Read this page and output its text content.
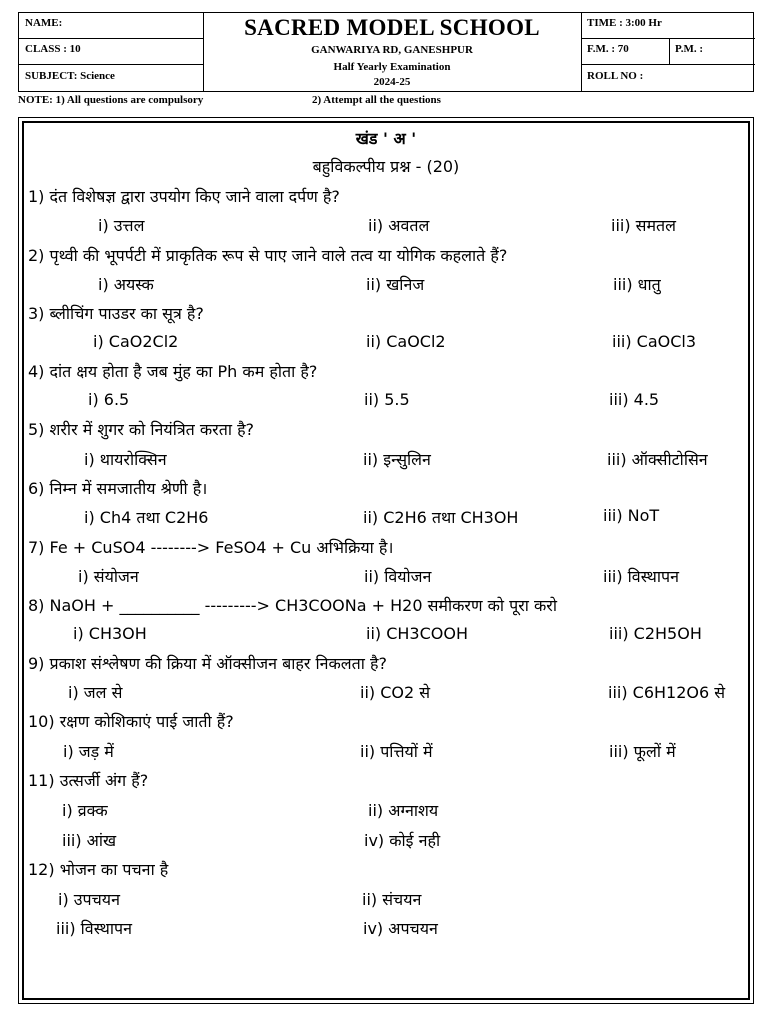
NAME:
CLASS : 10
SUBJECT: Science
SACRED MODEL SCHOOL
GANWARIYA RD, GANESHPUR
Half Yearly Examination
2024-25
TIME : 3:00 Hr
F.M. : 70	P.M. :
ROLL NO :
NOTE: 1) All questions are compulsory	2) Attempt all the questions
खंड ' अ '
बहुविकल्पीय प्रश्न - (20)
1) दंत विशेषज्ञ द्वारा उपयोग किए जाने वाला दर्पण है?
i) उत्तल	ii) अवतल	iii) समतल
2) पृथ्वी की भूपर्पटी में प्राकृतिक रूप से पाए जाने वाले तत्व या योगिक कहलाते हैं?
i) अयस्क	ii) खनिज	iii) धातु
3) ब्लीचिंग पाउडर का सूत्र है?
i) CaO2Cl2	ii) CaOCl2	iii) CaOCl3
4) दांत क्षय होता है जब मुंह का Ph कम होता है?
i) 6.5	ii) 5.5	iii) 4.5
5) शरीर में शुगर को नियंत्रित करता है?
i) थायरोक्सिन	ii) इन्सुलिन	iii) ऑक्सीटोसिन
6) निम्न में समजातीय श्रेणी है।
i) Ch4 तथा C2H6	ii) C2H6 तथा CH3OH	iii) NoT
7) Fe + CuSO4 --------> FeSO4 + Cu अभिक्रिया है।
i) संयोजन	ii) वियोजन	iii) विस्थापन
8) NaOH + __________ ---------> CH3COONa + H20 समीकरण को पूरा करो
i) CH3OH	ii) CH3COOH	iii) C2H5OH
9) प्रकाश संश्लेषण की क्रिया में ऑक्सीजन बाहर निकलता है?
i) जल से	ii) CO2 से	iii) C6H12O6 से
10) रक्षण कोशिकाएं पाई जाती हैं?
i) जड़ में	ii) पत्तियों में	iii) फूलों में
11) उत्सर्जी अंग हैं?
i) व्रक्क	ii) अग्नाशय
iii) आंख	iv) कोई नही
12) भोजन का पचना है
i) उपचयन	ii) संचयन
iii) विस्थापन	iv) अपचयन
